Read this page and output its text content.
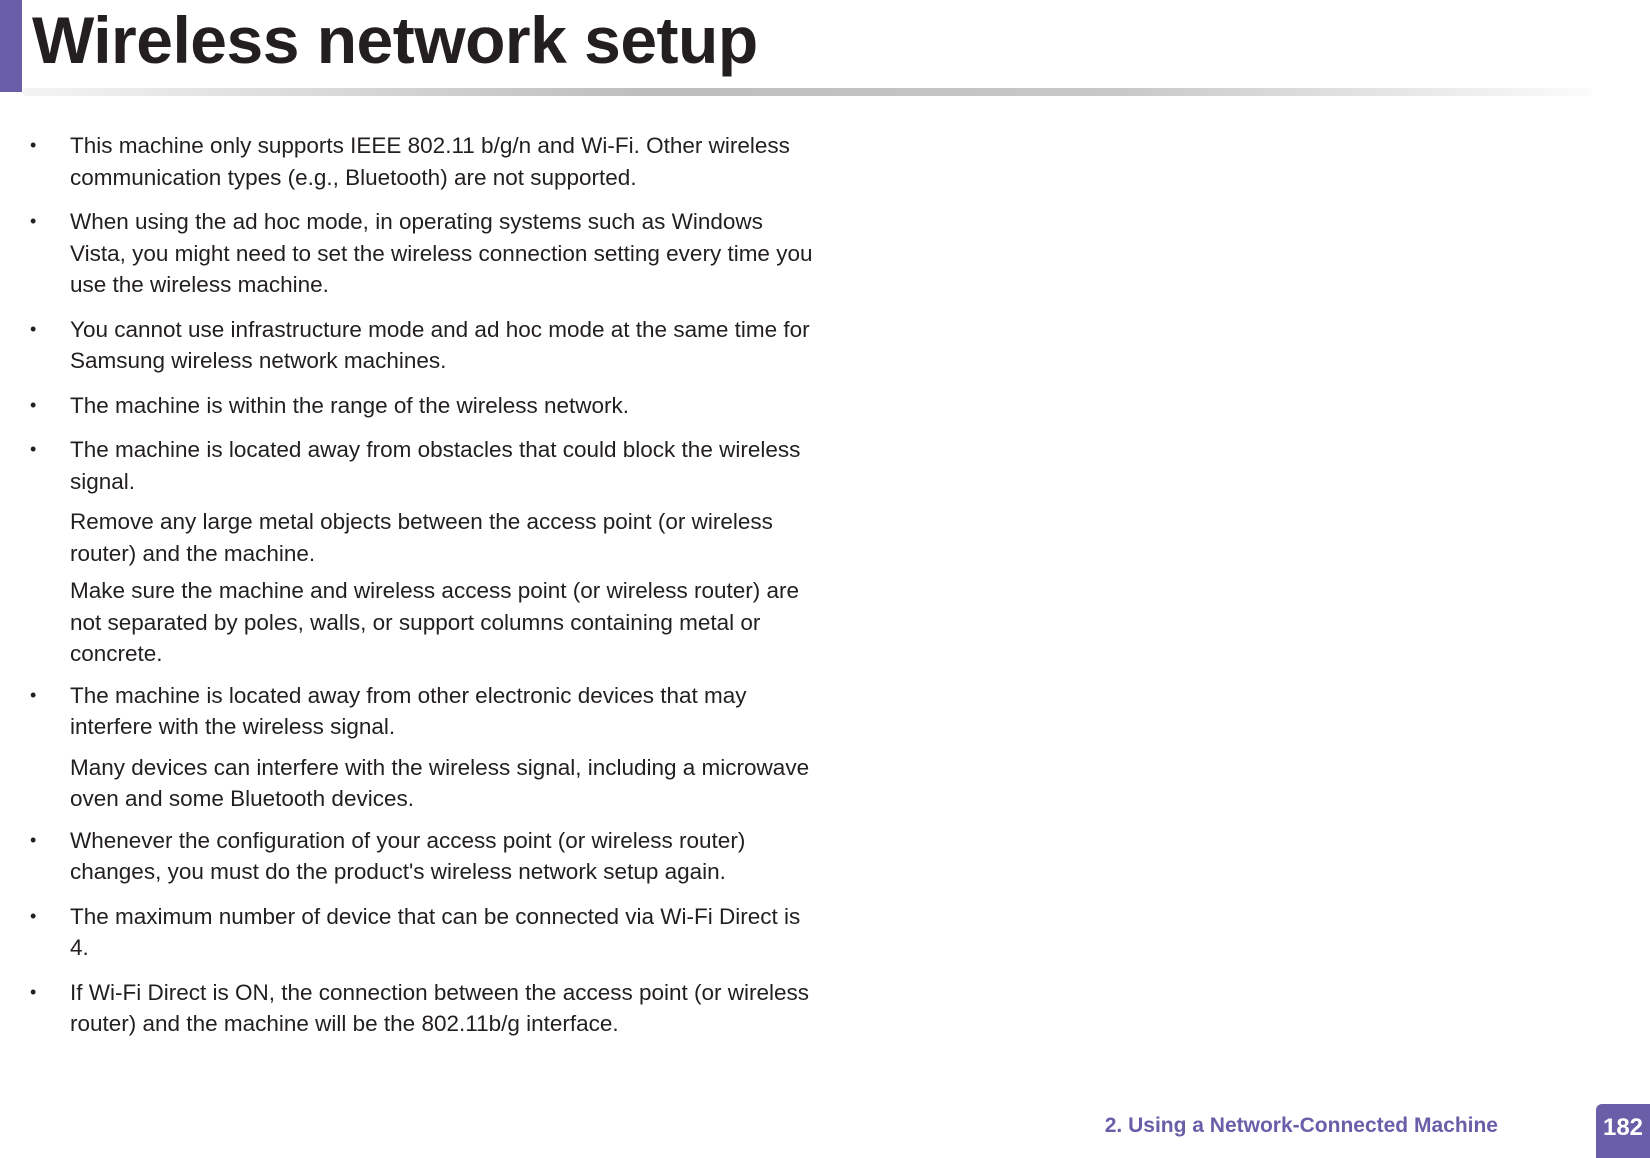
Wireless network setup
• This machine only supports IEEE 802.11 b/g/n and Wi-Fi. Other wireless communication types (e.g., Bluetooth) are not supported.
• When using the ad hoc mode, in operating systems such as Windows Vista, you might need to set the wireless connection setting every time you use the wireless machine.
• You cannot use infrastructure mode and ad hoc mode at the same time for Samsung wireless network machines.
• The machine is within the range of the wireless network.
• The machine is located away from obstacles that could block the wireless signal.
Remove any large metal objects between the access point (or wireless router) and the machine.
Make sure the machine and wireless access point (or wireless router) are not separated by poles, walls, or support columns containing metal or concrete.
• The machine is located away from other electronic devices that may interfere with the wireless signal.
Many devices can interfere with the wireless signal, including a microwave oven and some Bluetooth devices.
• Whenever the configuration of your access point (or wireless router) changes, you must do the product's wireless network setup again.
• The maximum number of device that can be connected via Wi-Fi Direct is 4.
• If Wi-Fi Direct is ON, the connection between the access point (or wireless router) and the machine will be the 802.11b/g interface.
2. Using a Network-Connected Machine	182
